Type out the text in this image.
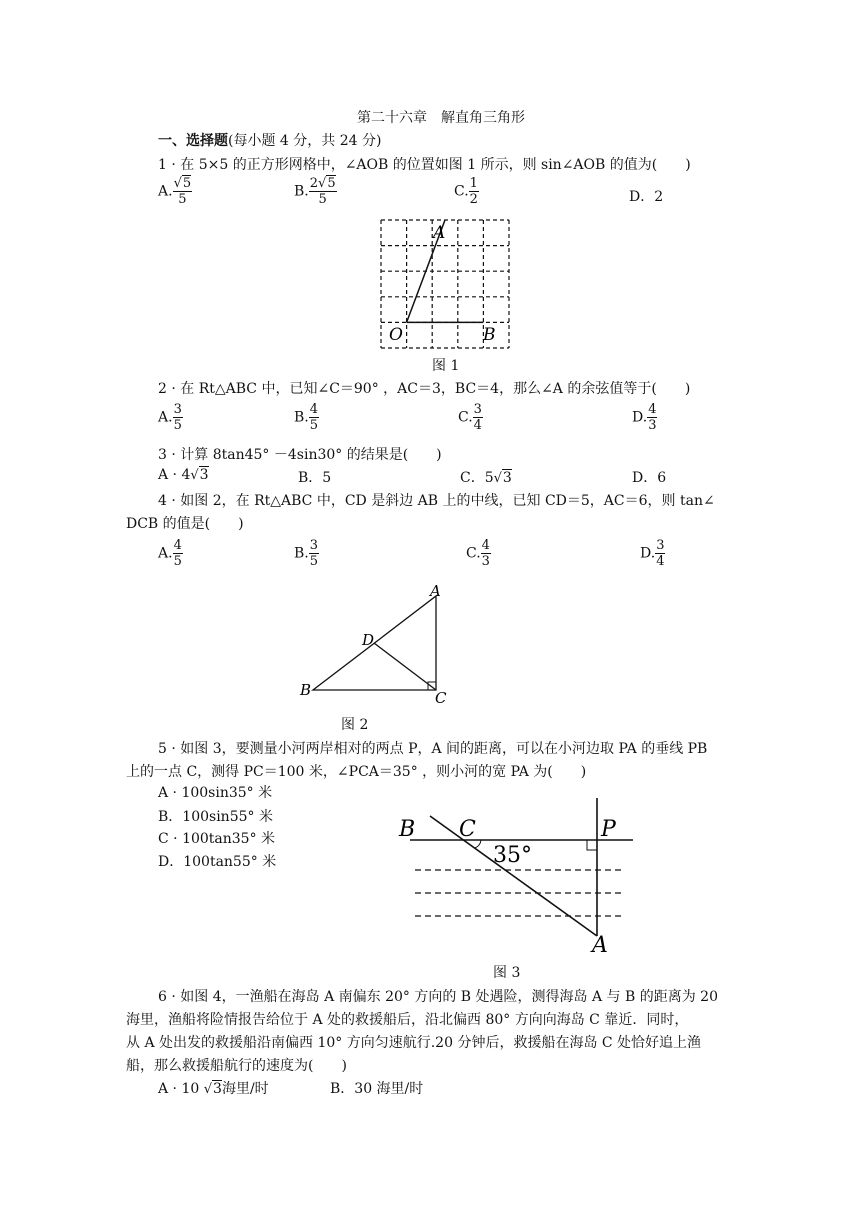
第二十六章　解直角三角形
一、选择题(每小题 4 分，共 24 分)
1 · 在 5×5 的正方形网格中，∠AOB 的位置如图 1 所示，则 sin∠AOB 的值为(　　)
A. $\frac{√5}{5}$	B. $\frac{2√5}{5}$	C. $\frac{1}{2}$	D．2
A
O	B
图 1
2 · 在 Rt△ABC 中，已知∠C＝90° ，AC＝3，BC＝4，那么∠A 的余弦值等于(　　)
A. $\frac{3}{5}$	B. $\frac{4}{5}$	C. $\frac{3}{4}$	D. $\frac{4}{3}$
3 · 计算 8tan45° －4sin30° 的结果是(　　)
A · 4√3	B．5	C．5√3	D．6
4 · 如图 2，在 Rt△ABC 中，CD 是斜边 AB 上的中线，已知 CD＝5，AC＝6，则 tan∠
DCB 的值是(　　)
A. $\frac{4}{5}$	B. $\frac{3}{5}$	C. $\frac{4}{3}$	D. $\frac{3}{4}$
A
D
B	C
图 2
5 · 如图 3，要测量小河两岸相对的两点 P，A 间的距离，可以在小河边取 PA 的垂线 PB
上的一点 C，测得 PC＝100 米，∠PCA＝35° ，则小河的宽 PA 为(　　)
A · 100sin35° 米
B．100sin55° 米
C · 100tan35° 米
D．100tan55° 米
B C	P
A
35°
图 3
6 · 如图 4，一渔船在海岛 A 南偏东 20° 方向的 B 处遇险，测得海岛 A 与 B 的距离为 20
海里，渔船将险情报告给位于 A 处的救援船后，沿北偏西 80° 方向向海岛 C 靠近．同时，
从 A 处出发的救援船沿南偏西 10° 方向匀速航行.20 分钟后，救援船在海岛 C 处恰好追上渔
船，那么救援船航行的速度为(　　)
A · 10 √3海里/时	B．30 海里/时
